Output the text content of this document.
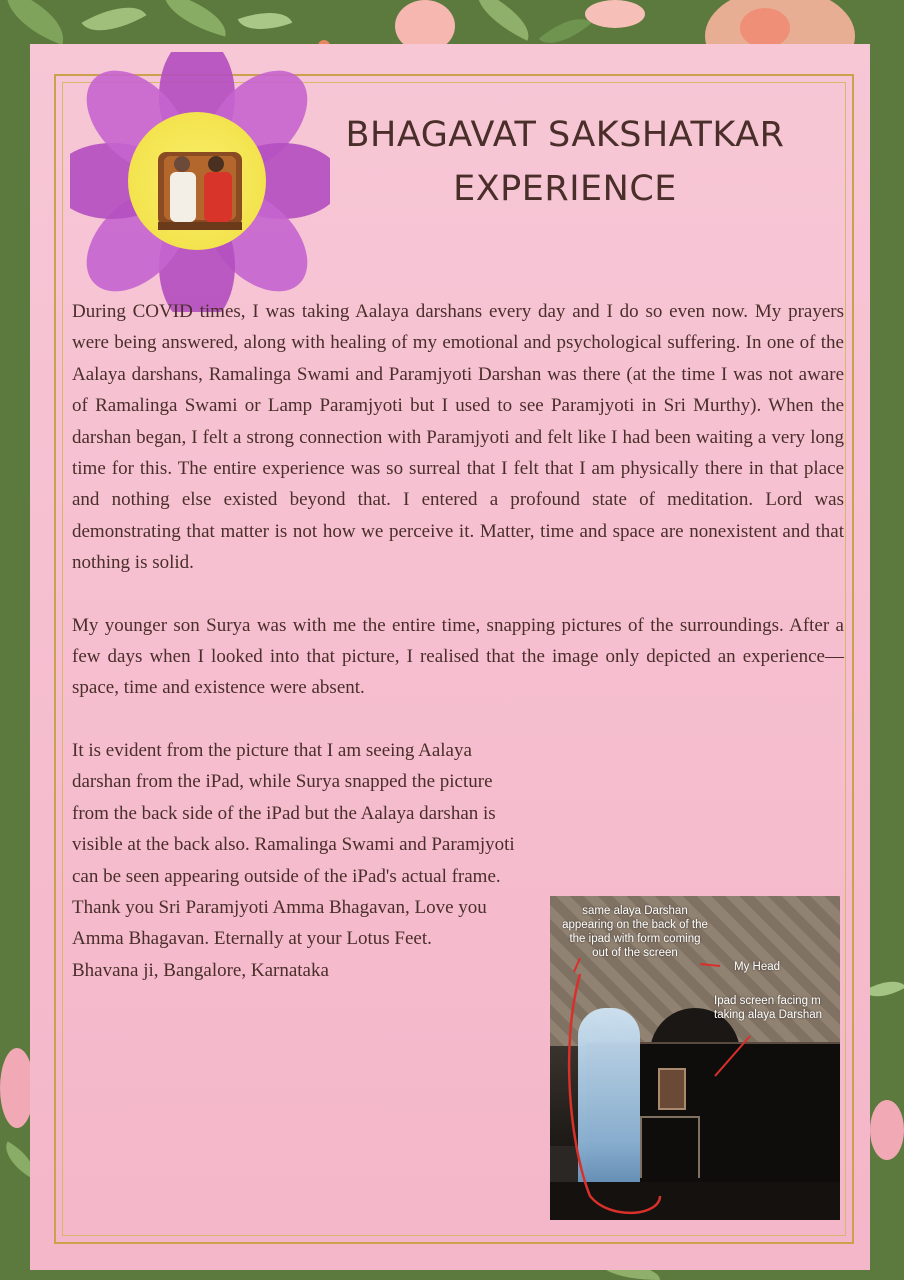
BHAGAVAT SAKSHATKAR
EXPERIENCE

During COVID times, I was taking Aalaya darshans every day and I do so even now. My prayers were being answered, along with healing of my emotional and psychological suffering. In one of the Aalaya darshans, Ramalinga Swami and Paramjyoti Darshan was there (at the time I was not aware of Ramalinga Swami or Lamp Paramjyoti but I used to see Paramjyoti in Sri Murthy). When the darshan began, I felt a strong connection with Paramjyoti and felt like I had been waiting a very long time for this. The entire experience was so surreal that I felt that I am physically there in that place and nothing else existed beyond that. I entered a profound state of meditation. Lord was demonstrating that matter is not how we perceive it. Matter, time and space are nonexistent and that nothing is solid.

My younger son Surya was with me the entire time, snapping pictures of the surroundings. After a few days when I looked into that picture, I realised that the image only depicted an experience—space, time and existence were absent.

It is evident from the picture that I am seeing Aalaya darshan from the iPad, while Surya snapped the picture from the back side of the iPad but the Aalaya darshan is visible at the back also. Ramalinga Swami and Paramjyoti can be seen appearing outside of the iPad's actual frame. Thank you Sri Paramjyoti Amma Bhagavan, Love you Amma Bhagavan. Eternally at your Lotus Feet.

Bhavana ji, Bangalore, Karnataka
same alaya Darshan appearing on the back of the the ipad with form coming out of the screen
My Head
Ipad screen facing m taking alaya Darshan
